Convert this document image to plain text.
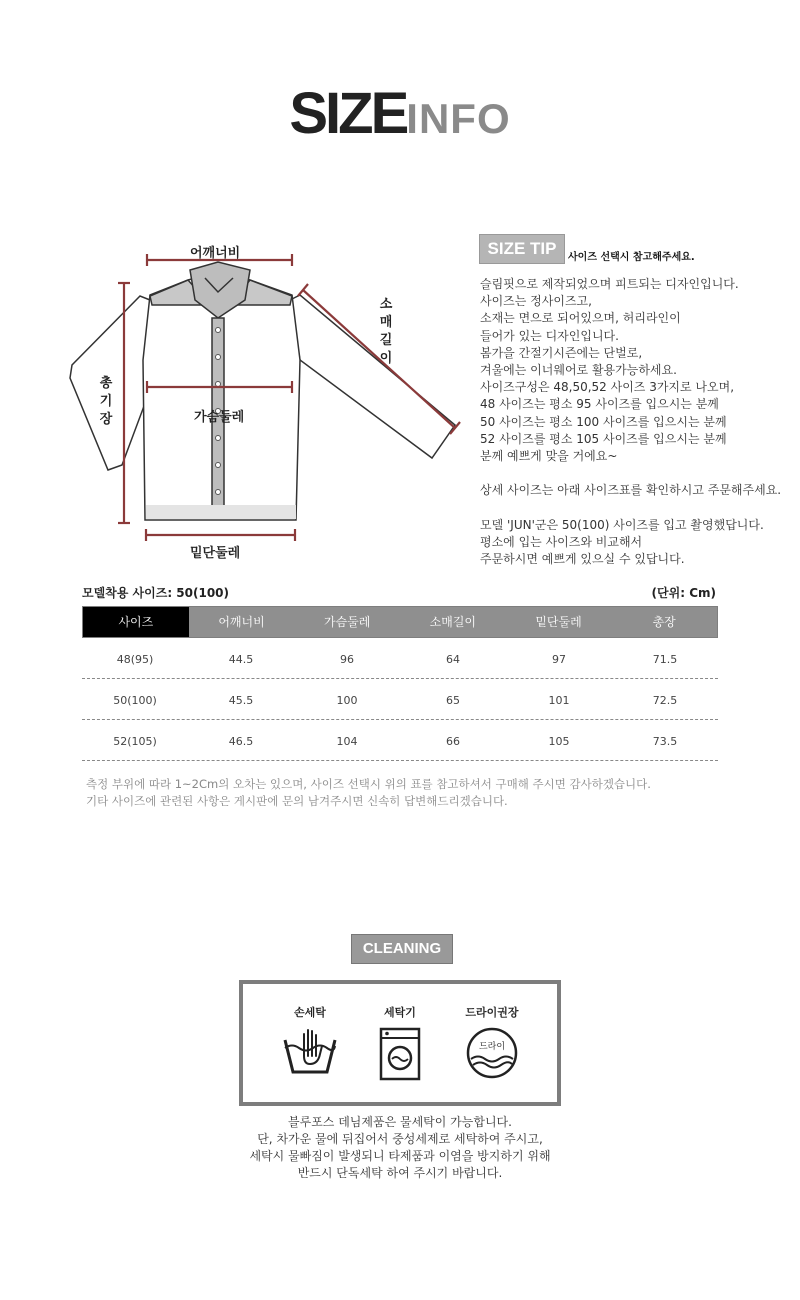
SIZEINFO
어깨너비
소매길이
총기장	가슴둘레
밑단둘레
SIZE TIP	사이즈 선택시 참고해주세요.
슬림핏으로 제작되었으며 피트되는 디자인입니다.
사이즈는 정사이즈고,
소재는 면으로 되어있으며, 허리라인이
들어가 있는 디자인입니다.
봄가을 간절기시즌에는 단벌로,
겨울에는 이너웨어로 활용가능하세요.
사이즈구성은 48,50,52 사이즈 3가지로 나오며,
48 사이즈는 평소 95 사이즈를 입으시는 분께
50 사이즈는 평소 100 사이즈를 입으시는 분께
52 사이즈를 평소 105 사이즈를 입으시는 분께
분께 예쁘게 맞을 거에요~
상세 사이즈는 아래 사이즈표를 확인하시고 주문해주세요.
모델 'JUN'군은 50(100) 사이즈를 입고 촬영했답니다.
평소에 입는 사이즈와 비교해서
주문하시면 예쁘게 있으실 수 있답니다.
모델착용 사이즈: 50(100)	(단위: Cm)
사이즈	어깨너비	가슴둘레	소매길이	밑단둘레	총장
48(95)	44.5	96	64	97	71.5
50(100)	45.5	100	65	101	72.5
52(105)	46.5	104	66	105	73.5
측정 부위에 따라 1~2Cm의 오차는 있으며, 사이즈 선택시 위의 표를 참고하셔서 구매해 주시면 감사하겠습니다.
기타 사이즈에 관련된 사항은 게시판에 문의 남겨주시면 신속히 답변해드리겠습니다.
CLEANING
손세탁	세탁기	드라이권장
드라이
블루포스 데님제품은 물세탁이 가능합니다.
단, 차가운 물에 뒤집어서 중성세제로 세탁하여 주시고,
세탁시 물빠짐이 발생되니 타제품과 이염을 방지하기 위해
반드시 단독세탁 하여 주시기 바랍니다.
